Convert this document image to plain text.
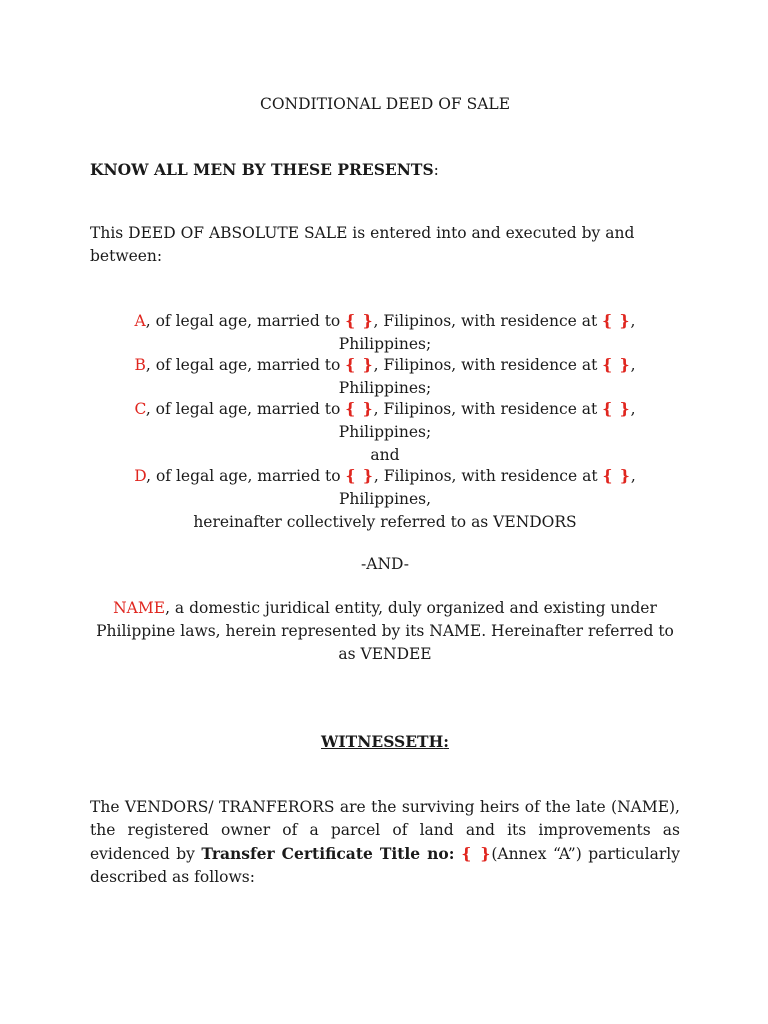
CONDITIONAL DEED OF SALE
KNOW ALL MEN BY THESE PRESENTS:
This DEED OF ABSOLUTE SALE is entered into and executed by and between:
A, of legal age, married to { }, Filipinos, with residence at { }, Philippines;
B, of legal age, married to { }, Filipinos, with residence at { }, Philippines;
C, of legal age, married to { }, Filipinos, with residence at { }, Philippines;
and
D, of legal age, married to { }, Filipinos, with residence at { }, Philippines,
hereinafter collectively referred to as VENDORS
-AND-
NAME, a domestic juridical entity, duly organized and existing under Philippine laws, herein represented by its NAME. Hereinafter referred to as VENDEE
WITNESSETH:
The VENDORS/ TRANFERORS are the surviving heirs of the late (NAME), the registered owner of a parcel of land and its improvements as evidenced by Transfer Certificate Title no: { }(Annex “A”) particularly described as follows:
